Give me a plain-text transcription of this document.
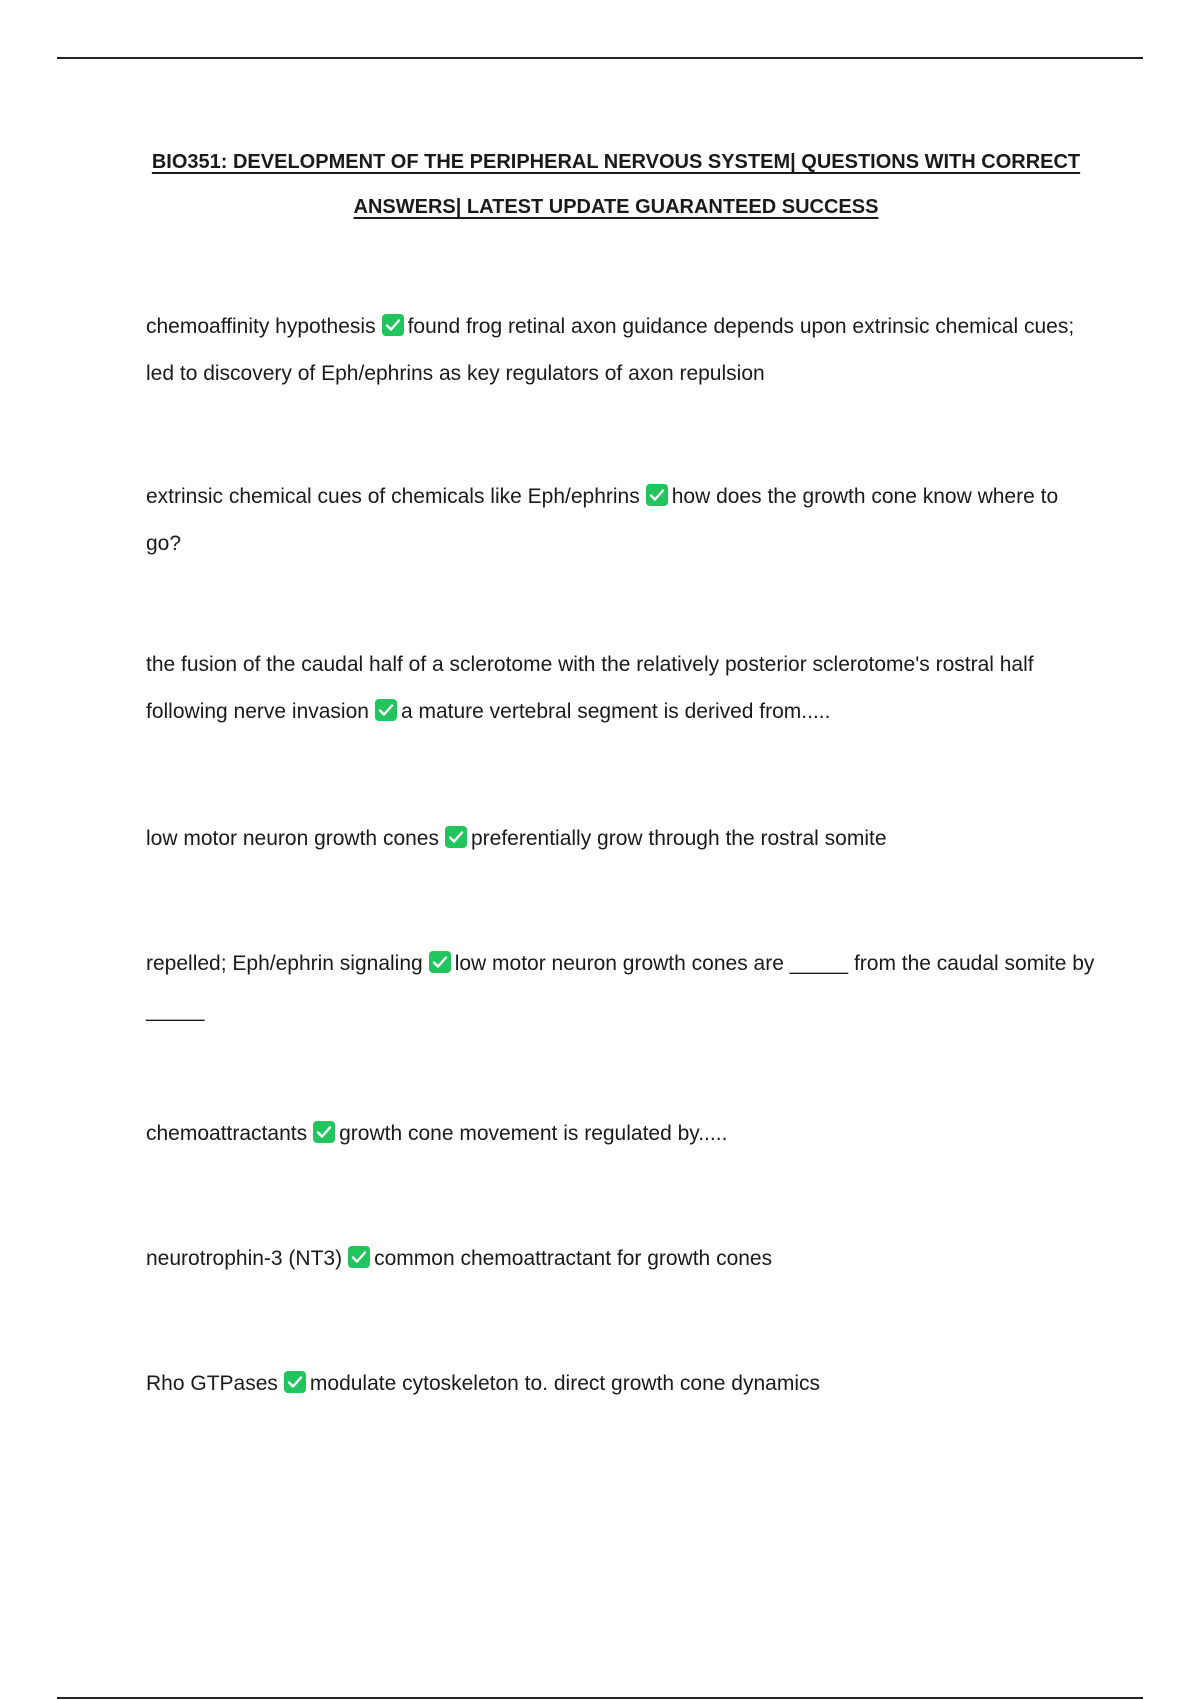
BIO351: DEVELOPMENT OF THE PERIPHERAL NERVOUS SYSTEM| QUESTIONS WITH CORRECT ANSWERS| LATEST UPDATE GUARANTEED SUCCESS
chemoaffinity hypothesis found frog retinal axon guidance depends upon extrinsic chemical cues; led to discovery of Eph/ephrins as key regulators of axon repulsion
extrinsic chemical cues of chemicals like Eph/ephrins how does the growth cone know where to go?
the fusion of the caudal half of a sclerotome with the relatively posterior sclerotome's rostral half following nerve invasion a mature vertebral segment is derived from.....
low motor neuron growth cones preferentially grow through the rostral somite
repelled; Eph/ephrin signaling low motor neuron growth cones are _____ from the caudal somite by _____
chemoattractants growth cone movement is regulated by.....
neurotrophin-3 (NT3) common chemoattractant for growth cones
Rho GTPases modulate cytoskeleton to. direct growth cone dynamics
